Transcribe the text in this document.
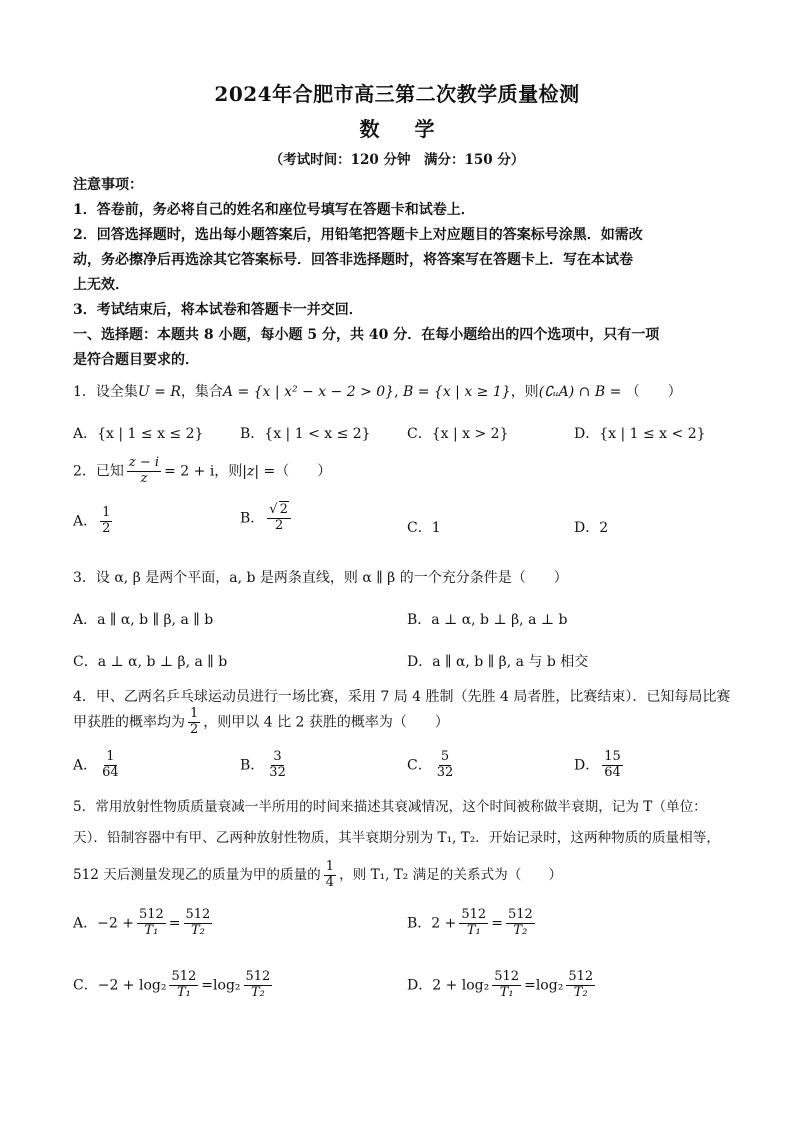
2024年合肥市高三第二次教学质量检测
数 学
（考试时间：120 分钟　满分：150 分）
注意事项：
1．答卷前，务必将自己的姓名和座位号填写在答题卡和试卷上．
2．回答选择题时，选出每小题答案后，用铅笔把答题卡上对应题目的答案标号涂黑．如需改
动，务必擦净后再选涂其它答案标号．回答非选择题时，将答案写在答题卡上．写在本试卷
上无效．
3．考试结束后，将本试卷和答题卡一并交回．
一、选择题：本题共 8 小题，每小题 5 分，共 40 分．在每小题给出的四个选项中，只有一项
是符合题目要求的．
1．设全集U = R，集合A = {x | x² − x − 2 > 0}, B = {x | x ≥ 1}，则(∁ᵤA) ∩ B = （　　）
A．{x | 1 ≤ x ≤ 2}	B．{x | 1 < x ≤ 2}	C．{x | x > 2}	D．{x | 1 ≤ x < 2}
2．已知 $\frac{z - i}{z} = 2 + i$，则|z| =（　　）
A． $\frac{1}{2}$	B． $\frac{√ 2}{2}$	C．1	D．2
3．设 α, β 是两个平面，a, b 是两条直线，则 α ∥ β 的一个充分条件是（　　）
A．a ∥ α, b ∥ β, a ∥ b	B．a ⊥ α, b ⊥ β, a ⊥ b
C．a ⊥ α, b ⊥ β, a ∥ b	D．a ∥ α, b ∥ β, a 与 b 相交
4．甲、乙两名乒乓球运动员进行一场比赛，采用 7 局 4 胜制（先胜 4 局者胜，比赛结束）．已知每局比赛
甲获胜的概率均为 $\frac{1}{2}$ ，则甲以 4 比 2 获胜的概率为（　　）
A． $\frac{1}{64}$	B． $\frac{3}{32}$	C． $\frac{5}{32}$	D． $\frac{15}{64}$
5．常用放射性物质质量衰减一半所用的时间来描述其衰减情况，这个时间被称做半衰期，记为 T（单位：
天）．铅制容器中有甲、乙两种放射性物质，其半衰期分别为 T₁, T₂．开始记录时，这两种物质的质量相等，
512 天后测量发现乙的质量为甲的质量的 $\frac{1}{4}$ ，则 T₁, T₂ 满足的关系式为（　　）
A．$-2 + \frac{512}{\text{T₁}} = \frac{512}{\text{T₂}}$	B．$2 + \frac{512}{\text{T₁}} = \frac{512}{\text{T₂}}$
C．$-2 + \log_2 \frac{512}{\text{T₁}} =\log_2 \frac{512}{\text{T₂}}$	D．$2 + \log_2 \frac{512}{\text{T₁}} =\log_2 \frac{512}{\text{T₂}}$
